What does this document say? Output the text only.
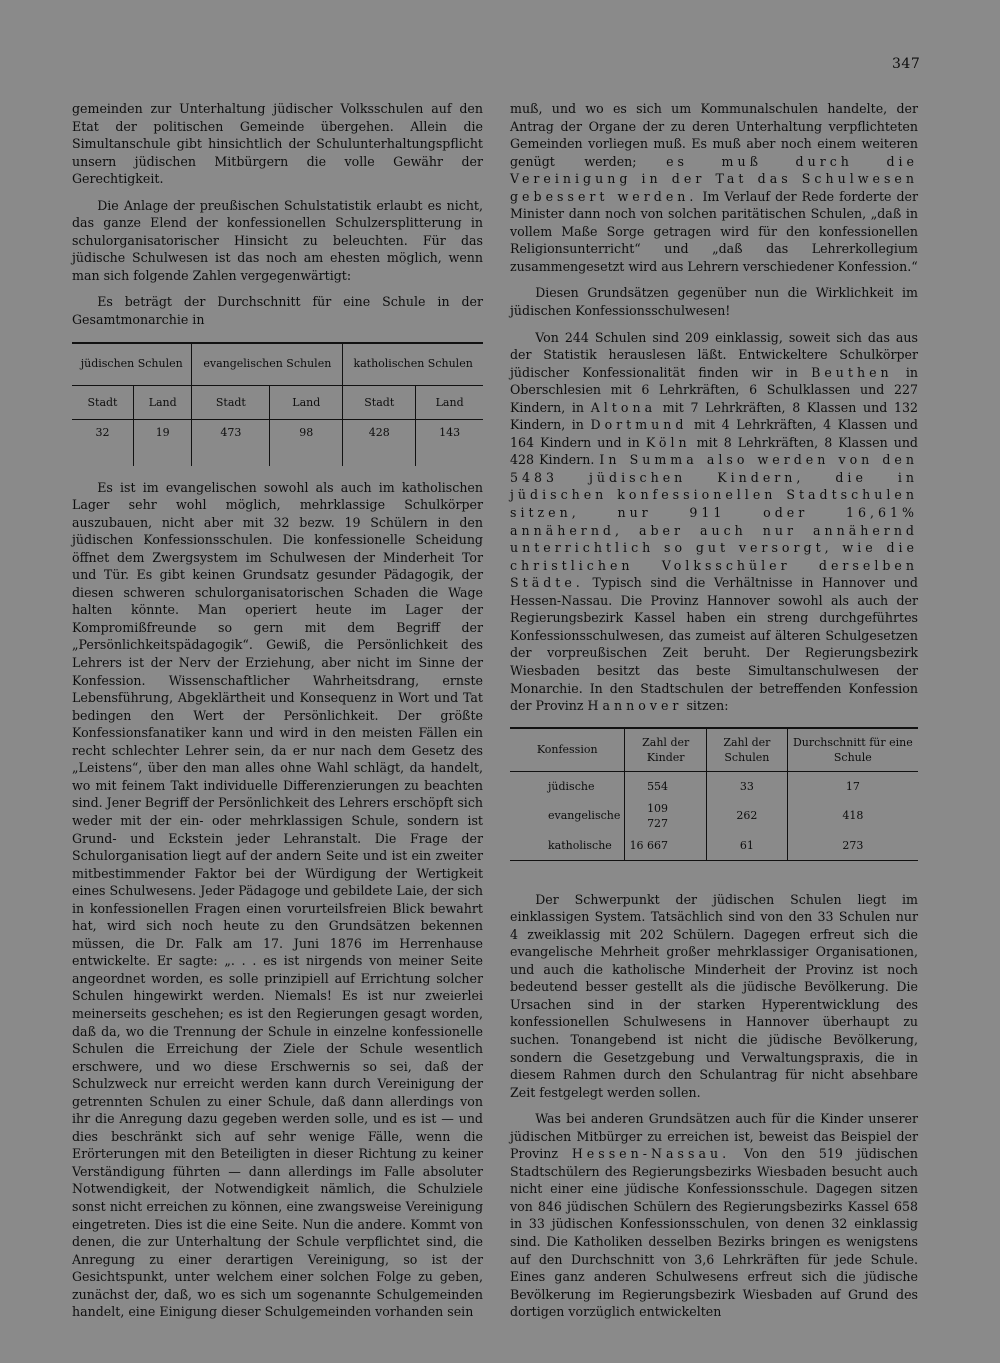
347

gemeinden zur Unterhaltung jüdischer Volksschulen auf den Etat der politischen Gemeinde übergehen. Allein die Simultanschule gibt hinsichtlich der Schulunterhaltungspflicht unsern jüdischen Mitbürgern die volle Gewähr der Gerechtigkeit.

Die Anlage der preußischen Schulstatistik erlaubt es nicht, das ganze Elend der konfessionellen Schulzersplitterung in schulorganisatorischer Hinsicht zu beleuchten. Für das jüdische Schulwesen ist das noch am ehesten möglich, wenn man sich folgende Zahlen vergegenwärtigt:

Es beträgt der Durchschnitt für eine Schule in der Gesamtmonarchie in

jüdischen Schulen		evangelischen Schulen		katholischen Schulen	
Stadt	Land	Stadt	Land	Stadt	Land
32	19	473	98	428	143

Es ist im evangelischen sowohl als auch im katholischen Lager sehr wohl möglich, mehrklassige Schulkörper auszubauen, nicht aber mit 32 bezw. 19 Schülern in den jüdischen Konfessionsschulen. Die konfessionelle Scheidung öffnet dem Zwergsystem im Schulwesen der Minderheit Tor und Tür. Es gibt keinen Grundsatz gesunder Pädagogik, der diesen schweren schulorganisatorischen Schaden die Wage halten könnte. Man operiert heute im Lager der Kompromißfreunde so gern mit dem Begriff der „Persönlichkeitspädagogik“. Gewiß, die Persönlichkeit des Lehrers ist der Nerv der Erziehung, aber nicht im Sinne der Konfession. Wissenschaftlicher Wahrheitsdrang, ernste Lebensführung, Abgeklärtheit und Konsequenz in Wort und Tat bedingen den Wert der Persönlichkeit. Der größte Konfessionsfanatiker kann und wird in den meisten Fällen ein recht schlechter Lehrer sein, da er nur nach dem Gesetz des „Leistens“, über den man alles ohne Wahl schlägt, da handelt, wo mit feinem Takt individuelle Differenzierungen zu beachten sind. Jener Begriff der Persönlichkeit des Lehrers erschöpft sich weder mit der ein- oder mehrklassigen Schule, sondern ist Grund- und Eckstein jeder Lehranstalt. Die Frage der Schulorganisation liegt auf der andern Seite und ist ein zweiter mitbestimmender Faktor bei der Würdigung der Wertigkeit eines Schulwesens. Jeder Pädagoge und gebildete Laie, der sich in konfessionellen Fragen einen vorurteilsfreien Blick bewahrt hat, wird sich noch heute zu den Grundsätzen bekennen müssen, die Dr. Falk am 17. Juni 1876 im Herrenhause entwickelte. Er sagte: „. . . es ist nirgends von meiner Seite angeordnet worden, es solle prinzipiell auf Errichtung solcher Schulen hingewirkt werden. Niemals! Es ist nur zweierlei meinerseits geschehen; es ist den Regierungen gesagt worden, daß da, wo die Trennung der Schule in einzelne konfessionelle Schulen die Erreichung der Ziele der Schule wesentlich erschwere, und wo diese Erschwernis so sei, daß der Schulzweck nur erreicht werden kann durch Vereinigung der getrennten Schulen zu einer Schule, daß dann allerdings von ihr die Anregung dazu gegeben werden solle, und es ist — und dies beschränkt sich auf sehr wenige Fälle, wenn die Erörterungen mit den Beteiligten in dieser Richtung zu keiner Verständigung führten — dann allerdings im Falle absoluter Notwendigkeit, der Notwendigkeit nämlich, die Schulziele sonst nicht erreichen zu können, eine zwangsweise Vereinigung eingetreten. Dies ist die eine Seite. Nun die andere. Kommt von denen, die zur Unterhaltung der Schule verpflichtet sind, die Anregung zu einer derartigen Vereinigung, so ist der Gesichtspunkt, unter welchem einer solchen Folge zu geben, zunächst der, daß, wo es sich um sogenannte Schulgemeinden handelt, eine Einigung dieser Schulgemeinden vorhanden sein

muß, und wo es sich um Kommunalschulen handelte, der Antrag der Organe der zu deren Unterhaltung verpflichteten Gemeinden vorliegen muß. Es muß aber noch einem weiteren genügt werden; es muß durch die Vereinigung in der Tat das Schulwesen gebessert werden. Im Verlauf der Rede forderte der Minister dann noch von solchen paritätischen Schulen, „daß in vollem Maße Sorge getragen wird für den konfessionellen Religionsunterricht“ und „daß das Lehrerkollegium zusammengesetzt wird aus Lehrern verschiedener Konfession.“

Diesen Grundsätzen gegenüber nun die Wirklichkeit im jüdischen Konfessionsschulwesen!

Von 244 Schulen sind 209 einklassig, soweit sich das aus der Statistik herauslesen läßt. Entwickeltere Schulkörper jüdischer Konfessionalität finden wir in Beuthen in Oberschlesien mit 6 Lehrkräften, 6 Schulklassen und 227 Kindern, in Altona mit 7 Lehrkräften, 8 Klassen und 132 Kindern, in Dortmund mit 4 Lehrkräften, 4 Klassen und 164 Kindern und in Köln mit 8 Lehrkräften, 8 Klassen und 428 Kindern. In Summa also werden von den 5483 jüdischen Kindern, die in jüdischen konfessionellen Stadtschulen sitzen, nur 911 oder 16,61% annähernd, aber auch nur annähernd unterrichtlich so gut versorgt, wie die christlichen Volksschüler derselben Städte. Typisch sind die Verhältnisse in Hannover und Hessen-Nassau. Die Provinz Hannover sowohl als auch der Regierungsbezirk Kassel haben ein streng durchgeführtes Konfessionsschulwesen, das zumeist auf älteren Schulgesetzen der vorpreußischen Zeit beruht. Der Regierungsbezirk Wiesbaden besitzt das beste Simultanschulwesen der Monarchie. In den Stadtschulen der betreffenden Konfession der Provinz Hannover sitzen:

Konfession	Zahl der Kinder	Zahl der Schulen	Durchschnitt für eine Schule
jüdische	554	33	17
evangelische	109 727	262	418
katholische	16 667	61	273

Der Schwerpunkt der jüdischen Schulen liegt im einklassigen System. Tatsächlich sind von den 33 Schulen nur 4 zweiklassig mit 202 Schülern. Dagegen erfreut sich die evangelische Mehrheit großer mehrklassiger Organisationen, und auch die katholische Minderheit der Provinz ist noch bedeutend besser gestellt als die jüdische Bevölkerung. Die Ursachen sind in der starken Hyperentwicklung des konfessionellen Schulwesens in Hannover überhaupt zu suchen. Tonangebend ist nicht die jüdische Bevölkerung, sondern die Gesetzgebung und Verwaltungspraxis, die in diesem Rahmen durch den Schulantrag für nicht absehbare Zeit festgelegt werden sollen.

Was bei anderen Grundsätzen auch für die Kinder unserer jüdischen Mitbürger zu erreichen ist, beweist das Beispiel der Provinz Hessen-Nassau. Von den 519 jüdischen Stadtschülern des Regierungsbezirks Wiesbaden besucht auch nicht einer eine jüdische Konfessionsschule. Dagegen sitzen von 846 jüdischen Schülern des Regierungsbezirks Kassel 658 in 33 jüdischen Konfessionsschulen, von denen 32 einklassig sind. Die Katholiken desselben Bezirks bringen es wenigstens auf den Durchschnitt von 3,6 Lehrkräften für jede Schule. Eines ganz anderen Schulwesens erfreut sich die jüdische Bevölkerung im Regierungsbezirk Wiesbaden auf Grund des dortigen vorzüglich entwickelten
